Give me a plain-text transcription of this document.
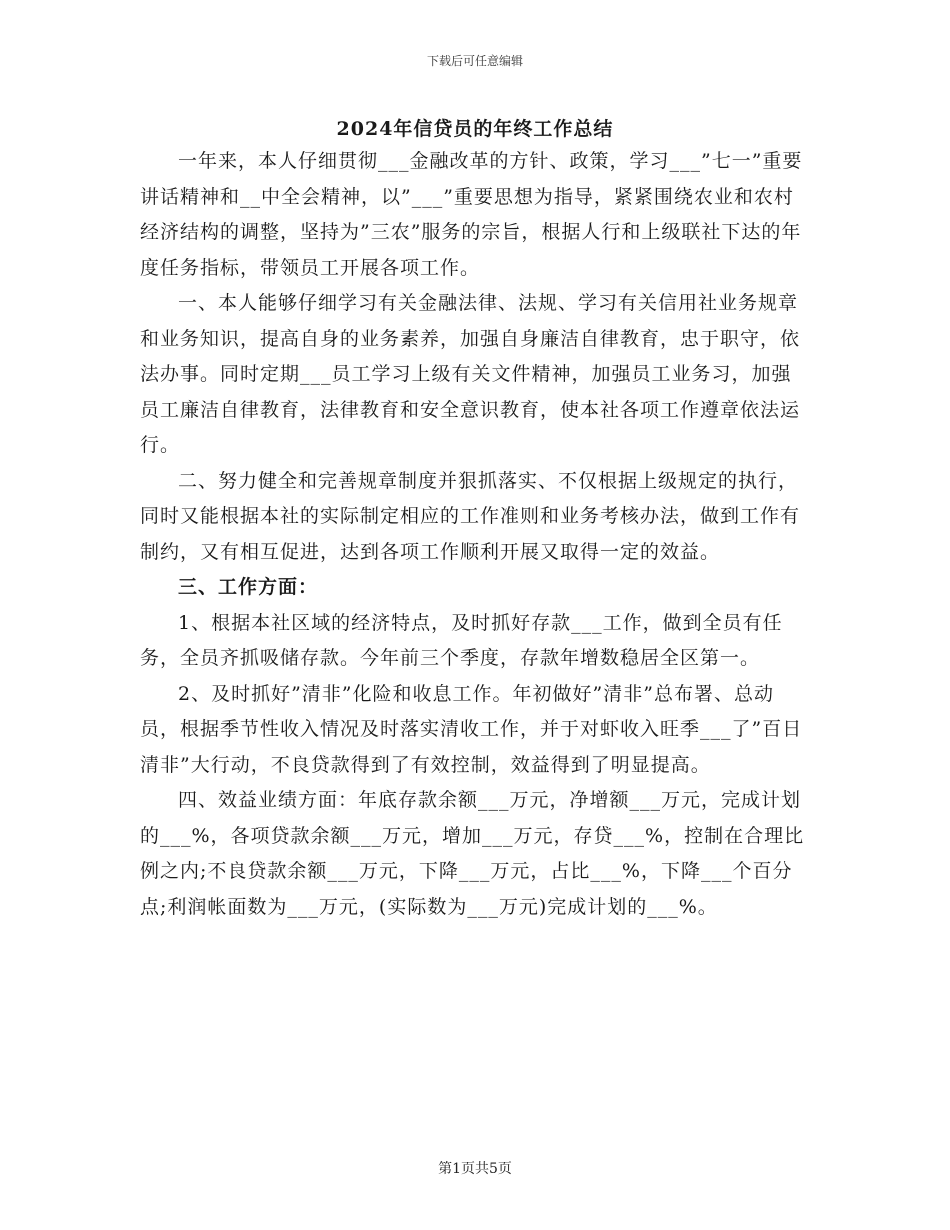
下载后可任意编辑
2024年信贷员的年终工作总结

一年来，本人仔细贯彻___金融改革的方针、政策，学习___”七一”重要讲话精神和__中全会精神，以”___”重要思想为指导，紧紧围绕农业和农村经济结构的调整，坚持为”三农”服务的宗旨，根据人行和上级联社下达的年度任务指标，带领员工开展各项工作。

一、本人能够仔细学习有关金融法律、法规、学习有关信用社业务规章和业务知识，提高自身的业务素养，加强自身廉洁自律教育，忠于职守，依法办事。同时定期___员工学习上级有关文件精神，加强员工业务习，加强员工廉洁自律教育，法律教育和安全意识教育，使本社各项工作遵章依法运行。

二、努力健全和完善规章制度并狠抓落实、不仅根据上级规定的执行，同时又能根据本社的实际制定相应的工作准则和业务考核办法，做到工作有制约，又有相互促进，达到各项工作顺利开展又取得一定的效益。

三、工作方面：

1、根据本社区域的经济特点，及时抓好存款___工作，做到全员有任务，全员齐抓吸储存款。今年前三个季度，存款年增数稳居全区第一。

2、及时抓好”清非”化险和收息工作。年初做好”清非”总布署、总动员，根据季节性收入情况及时落实清收工作，并于对虾收入旺季___了”百日清非”大行动，不良贷款得到了有效控制，效益得到了明显提高。

四、效益业绩方面：年底存款余额___万元，净增额___万元，完成计划的___%，各项贷款余额___万元，增加___万元，存贷___%，控制在合理比例之内;不良贷款余额___万元，下降___万元，占比___%，下降___个百分点;利润帐面数为___万元，(实际数为___万元)完成计划的___%。

第1页共5页
